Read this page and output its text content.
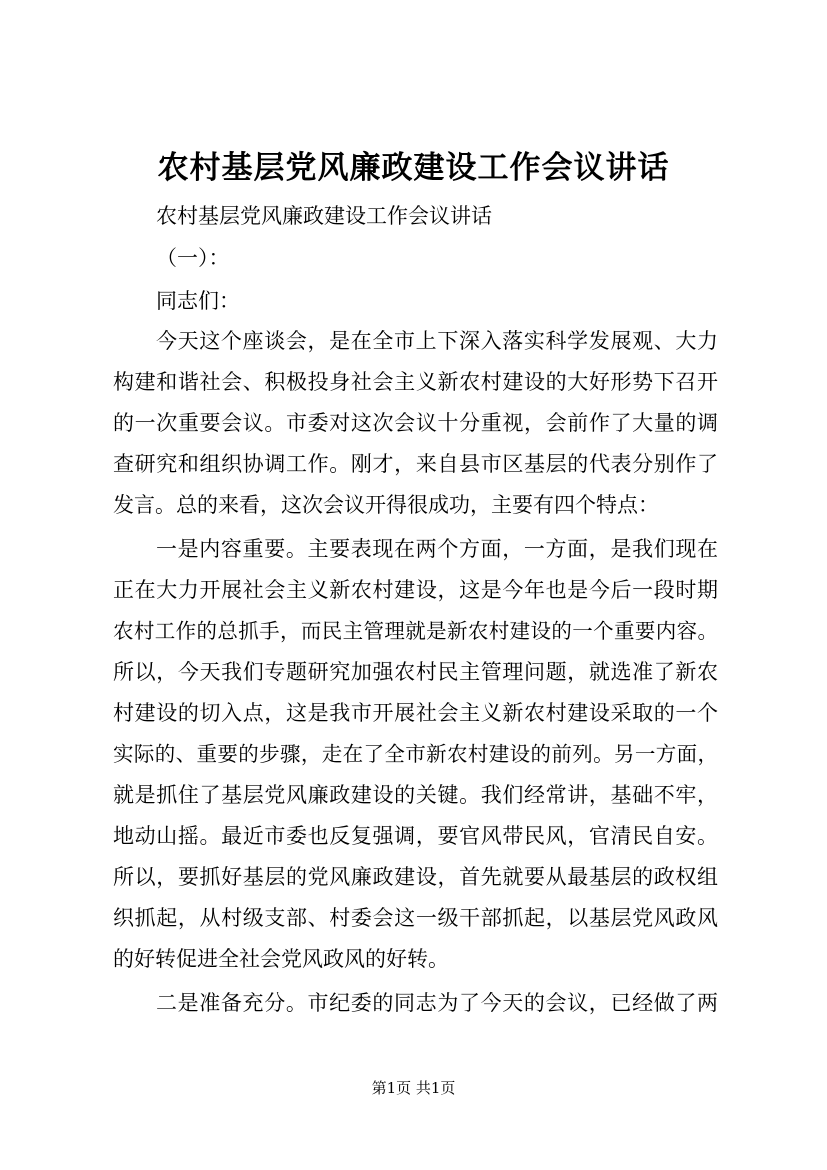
农村基层党风廉政建设工作会议讲话
农村基层党风廉政建设工作会议讲话
（一）：
同志们：
今天这个座谈会，是在全市上下深入落实科学发展观、大力
构建和谐社会、积极投身社会主义新农村建设的大好形势下召开
的一次重要会议。市委对这次会议十分重视，会前作了大量的调
查研究和组织协调工作。刚才，来自县市区基层的代表分别作了
发言。总的来看，这次会议开得很成功，主要有四个特点：
一是内容重要。主要表现在两个方面，一方面，是我们现在
正在大力开展社会主义新农村建设，这是今年也是今后一段时期
农村工作的总抓手，而民主管理就是新农村建设的一个重要内容。
所以，今天我们专题研究加强农村民主管理问题，就选准了新农
村建设的切入点，这是我市开展社会主义新农村建设采取的一个
实际的、重要的步骤，走在了全市新农村建设的前列。另一方面，
就是抓住了基层党风廉政建设的关键。我们经常讲，基础不牢，
地动山摇。最近市委也反复强调，要官风带民风，官清民自安。
所以，要抓好基层的党风廉政建设，首先就要从最基层的政权组
织抓起，从村级支部、村委会这一级干部抓起，以基层党风政风
的好转促进全社会党风政风的好转。
二是准备充分。市纪委的同志为了今天的会议，已经做了两
第1页 共1页
